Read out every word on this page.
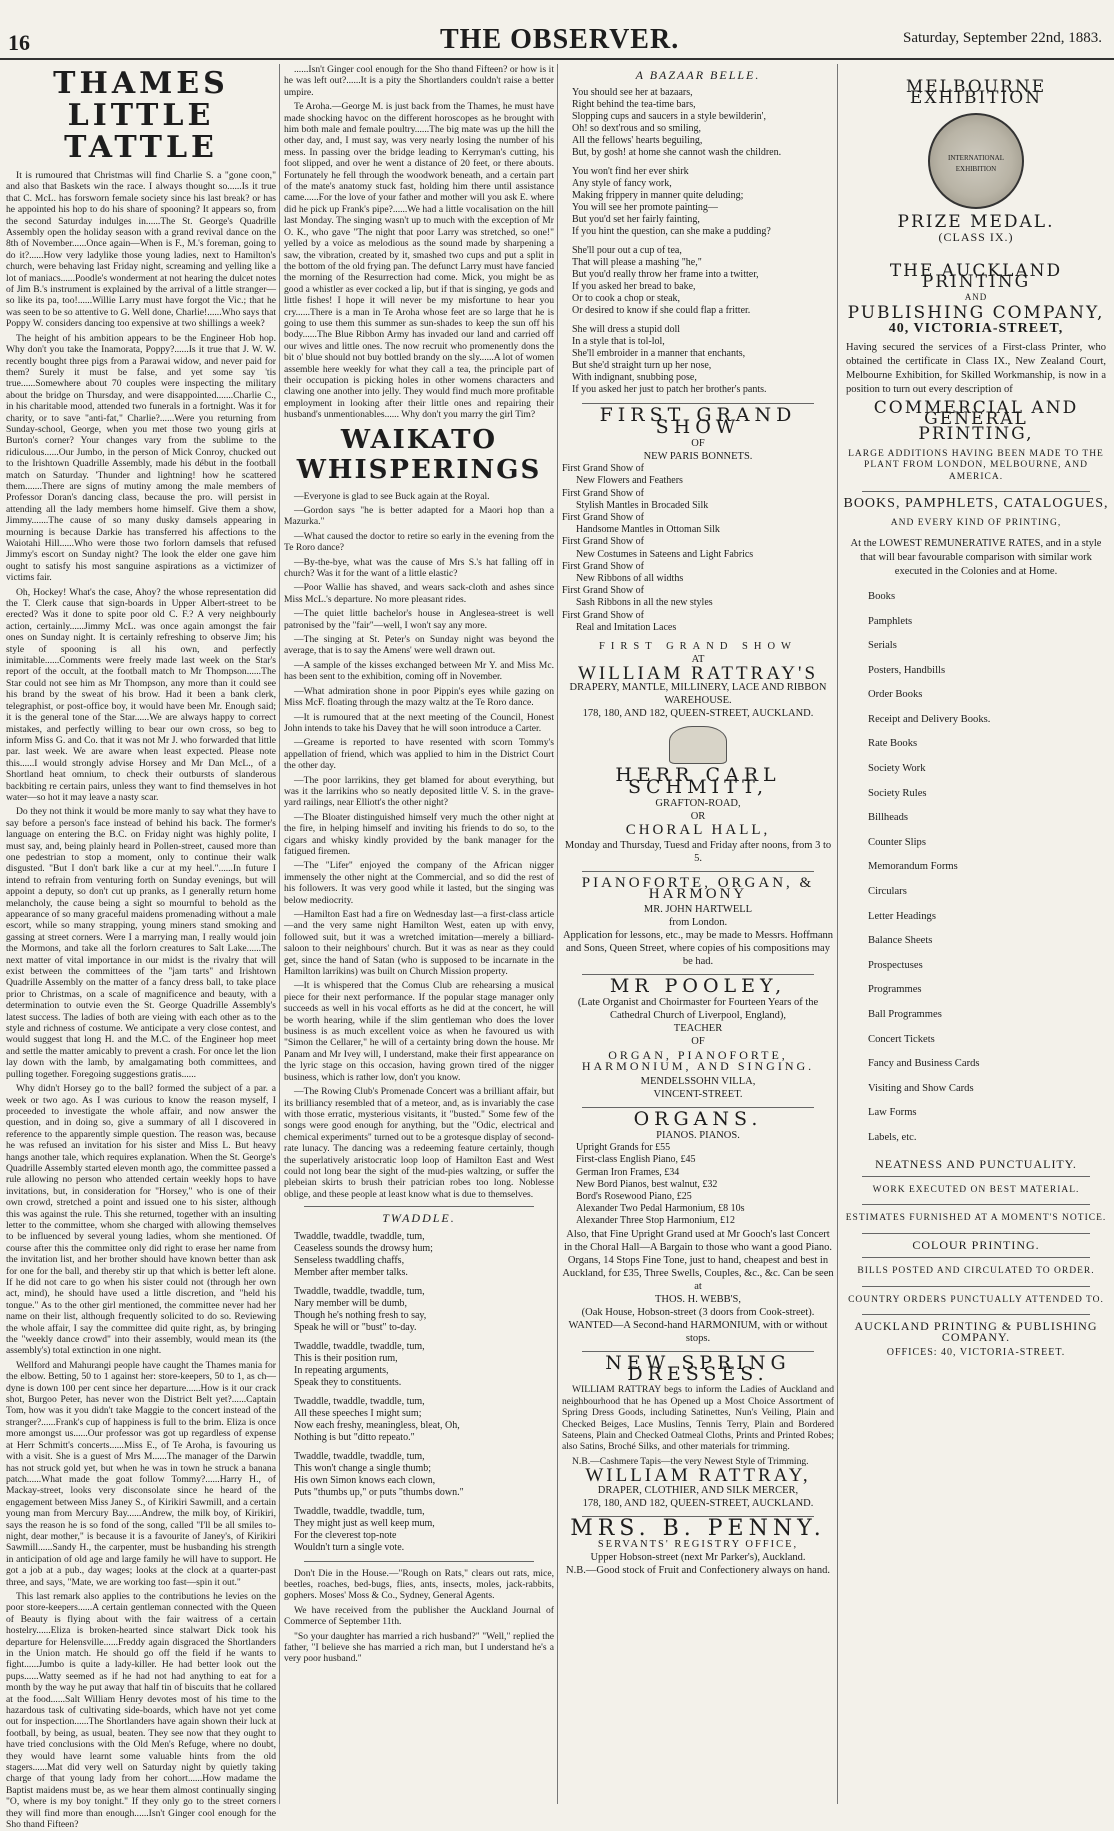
16	THE OBSERVER.	Saturday, September 22nd, 1883.
THAMES LITTLE TATTLE

It is rumoured that Christmas will find Charlie S. a "gone coon," and also that Baskets win the race. I always thought so......Is it true that C. McL. has forsworn female society since his last break? or has he appointed his hop to do his share of spooning? It appears so, from the second Saturday indulges in......The St. George's Quadrille Assembly open the holiday season with a grand revival dance on the 8th of November......Once again—When is F., M.'s foreman, going to do it?......How very ladylike those young ladies, next to Hamilton's church, were behaving last Friday night, screaming and yelling like a lot of maniacs......Poodle's wonderment at not hearing the dulcet notes of Jim B.'s instrument is explained by the arrival of a little stranger—so like its pa, too!......Willie Larry must have forgot the Vic.; that he was seen to be so attentive to G. Well done, Charlie!......Who says that Poppy W. considers dancing too expensive at two shillings a week?

The height of his ambition appears to be the Engineer Hob hop. Why don't you take the Inamorata, Poppy?......Is it true that J. W. W. recently bought three pigs from a Parawai widow, and never paid for them? Surely it must be false, and yet some say 'tis true......Somewhere about 70 couples were inspecting the military about the bridge on Thursday, and were disappointed.......Charlie C., in his charitable mood, attended two funerals in a fortnight. Was it for charity, or to save "anti-fat," Charlie?......Were you returning from Sunday-school, George, when you met those two young girls at Burton's corner? Your changes vary from the sublime to the ridiculous......Our Jumbo, in the person of Mick Conroy, chucked out to the Irishtown Quadrille Assembly, made his début in the football match on Saturday. 'Thunder and lightning! how he scattered them.......There are signs of mutiny among the male members of Professor Doran's dancing class, because the pro. will persist in attending all the lady members home himself. Give them a show, Jimmy.......The cause of so many dusky damsels appearing in mourning is because Darkie has transferred his affections to the Waiotahi Hill......Who were those two forlorn damsels that refused Jimmy's escort on Sunday night? The look the elder one gave him ought to satisfy his most sanguine aspirations as a victimizer of victims fair.

Oh, Hockey! What's the case, Ahoy? the whose representation did the T. Clerk cause that sign-boards in Upper Albert-street to be erected? Was it done to spite poor old C. F.? A very neighbourly action, certainly......Jimmy McL. was once again amongst the fair ones on Sunday night. It is certainly refreshing to observe Jim; his style of spooning is all his own, and perfectly inimitable......Comments were freely made last week on the Star's report of the occult, at the football match to Mr Thompson......The Star could not see him as Mr Thompson, any more than it could see his brand by the sweat of his brow. Had it been a bank clerk, telegraphist, or post-office boy, it would have been Mr. Enough said; it is the general tone of the Star......We are always happy to correct mistakes, and perfectly willing to bear our own cross, so beg to inform Miss G. and Co. that it was not Mr J. who forwarded that little par. last week. We are aware when least expected. Please note this......I would strongly advise Horsey and Mr Dan McL., of a Shortland heat omnium, to check their outbursts of slanderous backbiting re certain pairs, unless they want to find themselves in hot water—so hot it may leave a nasty scar.

Do they not think it would be more manly to say what they have to say before a person's face instead of behind his back. The former's language on entering the B.C. on Friday night was highly polite, I must say, and, being plainly heard in Pollen-street, caused more than one pedestrian to stop a moment, only to continue their walk disgusted. "But I don't bark like a cur at my heel."......In future I intend to refrain from venturing forth on Sunday evenings, but will appoint a deputy, so don't cut up pranks, as I generally return home melancholy, the cause being a sight so mournful to behold as the appearance of so many graceful maidens promenading without a male escort, while so many strapping, young miners stand smoking and gassing at street corners. Were I a marrying man, I really would join the Mormons, and take all the forlorn creatures to Salt Lake......The next matter of vital importance in our midst is the rivalry that will exist between the committees of the "jam tarts" and Irishtown Quadrille Assembly on the matter of a fancy dress ball, to take place prior to Christmas, on a scale of magnificence and beauty, with a determination to outvie even the St. George Quadrille Assembly's latest success. The ladies of both are vieing with each other as to the style and richness of costume. We anticipate a very close contest, and would suggest that long H. and the M.C. of the Engineer hop meet and settle the matter amicably to prevent a crash. For once let the lion lay down with the lamb, by amalgamating both committees, and pulling together. Foregoing suggestions gratis......

Why didn't Horsey go to the ball? formed the subject of a par. a week or two ago. As I was curious to know the reason myself, I proceeded to investigate the whole affair, and now answer the question, and in doing so, give a summary of all I discovered in reference to the apparently simple question. The reason was, because he was refused an invitation for his sister and Miss L. But heavy hangs another tale, which requires explanation. When the St. George's Quadrille Assembly started eleven month ago, the committee passed a rule allowing no person who attended certain weekly hops to have invitations, but, in consideration for "Horsey," who is one of their own crowd, stretched a point and issued one to his sister, although this was against the rule. This she returned, together with an insulting letter to the committee, whom she charged with allowing themselves to be influenced by several young ladies, whom she mentioned. Of course after this the committee only did right to erase her name from the invitation list, and her brother should have known better than ask for one for the ball, and thereby stir up that which is better left alone. If he did not care to go when his sister could not (through her own act, mind), he should have used a little discretion, and "held his tongue." As to the other girl mentioned, the committee never had her name on their list, although frequently solicited to do so. Reviewing the whole affair, I say the committee did quite right, as, by bringing the "weekly dance crowd" into their assembly, would mean its (the assembly's) total extinction in one night.

Wellford and Mahurangi people have caught the Thames mania for the elbow. Betting, 50 to 1 against her: store-keepers, 50 to 1, as ch—dyne is down 100 per cent since her departure......How is it our crack shot, Burgoo Peter, has never won the District Belt yet?......Captain Tom, how was it you didn't take Maggie to the concert instead of the stranger?......Frank's cup of happiness is full to the brim. Eliza is once more amongst us......Our professor was got up regardless of expense at Herr Schmitt's concerts......Miss E., of Te Aroha, is favouring us with a visit. She is a guest of Mrs M......The manager of the Darwin has not struck gold yet, but when he was in town he struck a banana patch......What made the goat follow Tommy?......Harry H., of Mackay-street, looks very disconsolate since he heard of the engagement between Miss Janey S., of Kirikiri Sawmill, and a certain young man from Mercury Bay......Andrew, the milk boy, of Kirikiri, says the reason he is so fond of the song, called "I'll be all smiles to-night, dear mother," is because it is a favourite of Janey's, of Kirikiri Sawmill......Sandy H., the carpenter, must be husbanding his strength in anticipation of old age and large family he will have to support. He got a job at a pub., day wages; looks at the clock at a quarter-past three, and says, "Mate, we are working too fast—spin it out."

This last remark also applies to the contributions he levies on the poor store-keepers......A certain gentleman connected with the Queen of Beauty is flying about with the fair waitress of a certain hostelry......Eliza is broken-hearted since stalwart Dick took his departure for Helensville......Freddy again disgraced the Shortlanders in the Union match. He should go off the field if he wants to fight......Jumbo is quite a lady-killer. He had better look out the pups......Watty seemed as if he had not had anything to eat for a month by the way he put away that half tin of biscuits that he collared at the food......Salt William Henry devotes most of his time to the hazardous task of cultivating side-boards, which have not yet come out for inspection......The Shortlanders have again shown their luck at football, by being, as usual, beaten. They see now that they ought to have tried conclusions with the Old Men's Refuge, where no doubt, they would have learnt some valuable hints from the old stagers......Mat did very well on Saturday night by quietly taking charge of that young lady from her cohort......How madame the Baptist maidens must be, as we hear them almost continually singing "O, where is my boy tonight." If they only go to the street corners they will find more than enough......Isn't Ginger cool enough for the Sho thand Fifteen?

......Isn't Ginger cool enough for the Sho thand Fifteen? or how is it he was left out?......It is a pity the Shortlanders couldn't raise a better umpire.

Te Aroha.—George M. is just back from the Thames, he must have made shocking havoc on the different horoscopes as he brought with him both male and female poultry......The big mate was up the hill the other day, and, I must say, was very nearly losing the number of his mess. In passing over the bridge leading to Kerryman's cutting, his foot slipped, and over he went a distance of 20 feet, or there abouts. Fortunately he fell through the woodwork beneath, and a certain part of the mate's anatomy stuck fast, holding him there until assistance came......For the love of your father and mother will you ask E. where did he pick up Frank's pipe?......We had a little vocalisation on the hill last Monday. The singing wasn't up to much with the exception of Mr O. K., who gave "The night that poor Larry was stretched, so one!" yelled by a voice as melodious as the sound made by sharpening a saw, the vibration, created by it, smashed two cups and put a split in the bottom of the old frying pan. The defunct Larry must have fancied the morning of the Resurrection had come. Mick, you might be as good a whistler as ever cocked a lip, but if that is singing, ye gods and little fishes! I hope it will never be my misfortune to hear you cry......There is a man in Te Aroha whose feet are so large that he is going to use them this summer as sun-shades to keep the sun off his body......The Blue Ribbon Army has invaded our land and carried off our wives and little ones. The now recruit who promenently dons the bit o' blue should not buy bottled brandy on the sly......A lot of women assemble here weekly for what they call a tea, the principle part of their occupation is picking holes in other womens characters and clawing one another into jelly. They would find much more profitable employment in looking after their little ones and repairing their husband's unmentionables...... Why don't you marry the girl Tim?

WAIKATO WHISPERINGS

—Everyone is glad to see Buck again at the Royal.

—Gordon says "he is better adapted for a Maori hop than a Mazurka."

—What caused the doctor to retire so early in the evening from the Te Roro dance?

—By-the-bye, what was the cause of Mrs S.'s hat falling off in church? Was it for the want of a little elastic?

—Poor Wallie has shaved, and wears sack-cloth and ashes since Miss McL.'s departure. No more pleasant rides.

—The quiet little bachelor's house in Anglesea-street is well patronised by the "fair"—well, I won't say any more.

—The singing at St. Peter's on Sunday night was beyond the average, that is to say the Amens' were well drawn out.

—A sample of the kisses exchanged between Mr Y. and Miss Mc. has been sent to the exhibition, coming off in November.

—What admiration shone in poor Pippin's eyes while gazing on Miss McF. floating through the mazy waltz at the Te Roro dance.

—It is rumoured that at the next meeting of the Council, Honest John intends to take his Davey that he will soon introduce a Carter.

—Greame is reported to have resented with scorn Tommy's appellation of friend, which was applied to him in the District Court the other day.

—The poor larrikins, they get blamed for about everything, but was it the larrikins who so neatly deposited little V. S. in the grave-yard railings, near Elliott's the other night?

—The Bloater distinguished himself very much the other night at the fire, in helping himself and inviting his friends to do so, to the cigars and whisky kindly provided by the bank manager for the fatigued firemen.

—The "Lifer" enjoyed the company of the African nigger immensely the other night at the Commercial, and so did the rest of his followers. It was very good while it lasted, but the singing was below mediocrity.

—Hamilton East had a fire on Wednesday last—a first-class article—and the very same night Hamilton West, eaten up with envy, followed suit, but it was a wretched imitation—merely a billiard-saloon to their neighbours' church. But it was as near as they could get, since the hand of Satan (who is supposed to be incarnate in the Hamilton larrikins) was built on Church Mission property.

—It is whispered that the Comus Club are rehearsing a musical piece for their next performance. If the popular stage manager only succeeds as well in his vocal efforts as he did at the concert, he will be worth hearing, while if the slim gentleman who does the lover business is as much excellent voice as when he favoured us with "Simon the Cellarer," he will of a certainty bring down the house. Mr Panam and Mr Ivey will, I understand, make their first appearance on the lyric stage on this occasion, having grown tired of the nigger business, which is rather low, don't you know.

—The Rowing Club's Promenade Concert was a brilliant affair, but its brilliancy resembled that of a meteor, and, as is invariably the case with those erratic, mysterious visitants, it "busted." Some few of the songs were good enough for anything, but the "Odic, electrical and chemical experiments" turned out to be a grotesque display of second-rate lunacy. The dancing was a redeeming feature certainly, though the superlatively aristocratic loop loop of Hamilton East and West could not long bear the sight of the mud-pies waltzing, or suffer the plebeian skirts to brush their patrician robes too long. Noblesse oblige, and these people at least know what is due to themselves.

TWADDLE.
Twaddle, twaddle, twaddle, tum,
Ceaseless sounds the drowsy hum;
Senseless twaddling chaffs,
Member after member talks.
Twaddle, twaddle, twaddle, tum,
Nary member will be dumb,
Though he's nothing fresh to say,
Speak he will or "bust" to-day.
Twaddle, twaddle, twaddle, tum,
This is their position rum,
In repeating arguments,
Speak they to constituents.
Twaddle, twaddle, twaddle, tum,
All these speeches I might sum;
Now each freshy, meaningless, bleat, Oh,
Nothing is but "ditto repeato."
Twaddle, twaddle, twaddle, tum,
This won't change a single thumb;
His own Simon knows each clown,
Puts "thumbs up," or puts "thumbs down."
Twaddle, twaddle, twaddle, tum,
They might just as well keep mum,
For the cleverest top-note
Wouldn't turn a single vote.

Don't Die in the House.—"Rough on Rats," clears out rats, mice, beetles, roaches, bed-bugs, flies, ants, insects, moles, jack-rabbits, gophers. Moses' Moss & Co., Sydney, General Agents.

We have received from the publisher the Auckland Journal of Commerce of September 11th.

"So your daughter has married a rich husband?" "Well," replied the father, "I believe she has married a rich man, but I understand he's a very poor husband."

A BAZAAR BELLE.
You should see her at bazaars,
Right behind the tea-time bars,
Slopping cups and saucers in a style bewilderin',
Oh! so dext'rous and so smiling,
All the fellows' hearts beguiling,
But, by gosh! at home she cannot wash the children.
You won't find her ever shirk
Any style of fancy work,
Making frippery in manner quite deluding;
You will see her promote painting—
But you'd set her fairly fainting,
If you hint the question, can she make a pudding?
She'll pour out a cup of tea,
That will please a mashing "he,"
But you'd really throw her frame into a twitter,
If you asked her bread to bake,
Or to cook a chop or steak,
Or desired to know if she could flap a fritter.
She will dress a stupid doll
In a style that is tol-lol,
She'll embroider in a manner that enchants,
But she'd straight turn up her nose,
With indignant, snubbing pose,
If you asked her just to patch her brother's pants.
FIRST GRAND SHOW
OF
NEW PARIS BONNETS.
First Grand Show of
New Flowers and Feathers
First Grand Show of
Stylish Mantles in Brocaded Silk
First Grand Show of
Handsome Mantles in Ottoman Silk
First Grand Show of
New Costumes in Sateens and Light Fabrics
First Grand Show of
New Ribbons of all widths
First Grand Show of
Sash Ribbons in all the new styles
First Grand Show of
Real and Imitation Laces
FIRST GRAND SHOW
AT
WILLIAM RATTRAY'S
DRAPERY, MANTLE, MILLINERY, LACE AND RIBBON WAREHOUSE.
178, 180, AND 182, QUEEN-STREET, AUCKLAND.
HERR CARL SCHMITT,
GRAFTON-ROAD,
OR
CHORAL HALL,
Monday and Thursday, Tuesd and Friday after noons, from 3 to 5.
PIANOFORTE, ORGAN, & HARMONY
MR. JOHN HARTWELL
from London.
Application for lessons, etc., may be made to Messrs. Hoffmann and Sons, Queen Street, where copies of his compositions may be had.
MR POOLEY,
(Late Organist and Choirmaster for Fourteen Years of the Cathedral Church of Liverpool, England),
TEACHER
OF
ORGAN, PIANOFORTE, HARMONIUM, AND SINGING.
MENDELSSOHN VILLA,
VINCENT-STREET.
ORGANS.
PIANOS. PIANOS.
Upright Grands for £55
First-class English Piano, £45
German Iron Frames, £34
New Bord Pianos, best walnut, £32
Bord's Rosewood Piano, £25
Alexander Two Pedal Harmonium, £8 10s
Alexander Three Stop Harmonium, £12
Also, that Fine Upright Grand used at Mr Gooch's last Concert in the Choral Hall—A Bargain to those who want a good Piano.
Organs, 14 Stops Fine Tone, just to hand, cheapest and best in Auckland, for £35, Three Swells, Couples, &c., &c. Can be seen at
THOS. H. WEBB'S,
(Oak House, Hobson-street (3 doors from Cook-street).
WANTED—A Second-hand HARMONIUM, with or without stops.
NEW SPRING DRESSES.

WILLIAM RATTRAY begs to inform the Ladies of Auckland and neighbourhood that he has Opened up a Most Choice Assortment of Spring Dress Goods, including Satinettes, Nun's Veiling, Plain and Checked Beiges, Lace Muslins, Tennis Terry, Plain and Bordered Sateens, Plain and Checked Oatmeal Cloths, Prints and Printed Robes; also Satins, Broché Silks, and other materials for trimming.

N.B.—Cashmere Tapis—the very Newest Style of Trimming.

WILLIAM RATTRAY,
DRAPER, CLOTHIER, AND SILK MERCER,
178, 180, AND 182, QUEEN-STREET, AUCKLAND.
MRS. B. PENNY.
SERVANTS' REGISTRY OFFICE,
Upper Hobson-street (next Mr Parker's), Auckland.
N.B.—Good stock of Fruit and Confectionery always on hand.
MELBOURNE EXHIBITION
INTERNATIONAL EXHIBITION
PRIZE MEDAL.
(CLASS IX.)
THE AUCKLAND PRINTING
AND
PUBLISHING COMPANY,
40, VICTORIA-STREET,
Having secured the services of a First-class Printer, who obtained the certificate in Class IX., New Zealand Court, Melbourne Exhibition, for Skilled Workmanship, is now in a position to turn out every description of
COMMERCIAL AND GENERAL
PRINTING,
LARGE ADDITIONS HAVING BEEN MADE TO THE PLANT FROM LONDON, MELBOURNE, AND AMERICA.
BOOKS, PAMPHLETS, CATALOGUES,
AND EVERY KIND OF PRINTING,
At the LOWEST REMUNERATIVE RATES, and in a style that will bear favourable comparison with similar work executed in the Colonies and at Home.
Books
Pamphlets
Serials
Posters, Handbills
Order Books
Receipt and Delivery Books.
Rate Books
Society Work
Society Rules
Billheads
Counter Slips
Memorandum Forms
Circulars
Letter Headings
Balance Sheets
Prospectuses
Programmes
Ball Programmes
Concert Tickets
Fancy and Business Cards
Visiting and Show Cards
Law Forms
Labels, etc.
NEATNESS AND PUNCTUALITY.
WORK EXECUTED ON BEST MATERIAL.
ESTIMATES FURNISHED AT A MOMENT'S NOTICE.
COLOUR PRINTING.
BILLS POSTED AND CIRCULATED TO ORDER.
COUNTRY ORDERS PUNCTUALLY ATTENDED TO.
AUCKLAND PRINTING & PUBLISHING COMPANY.
OFFICES: 40, VICTORIA-STREET.
